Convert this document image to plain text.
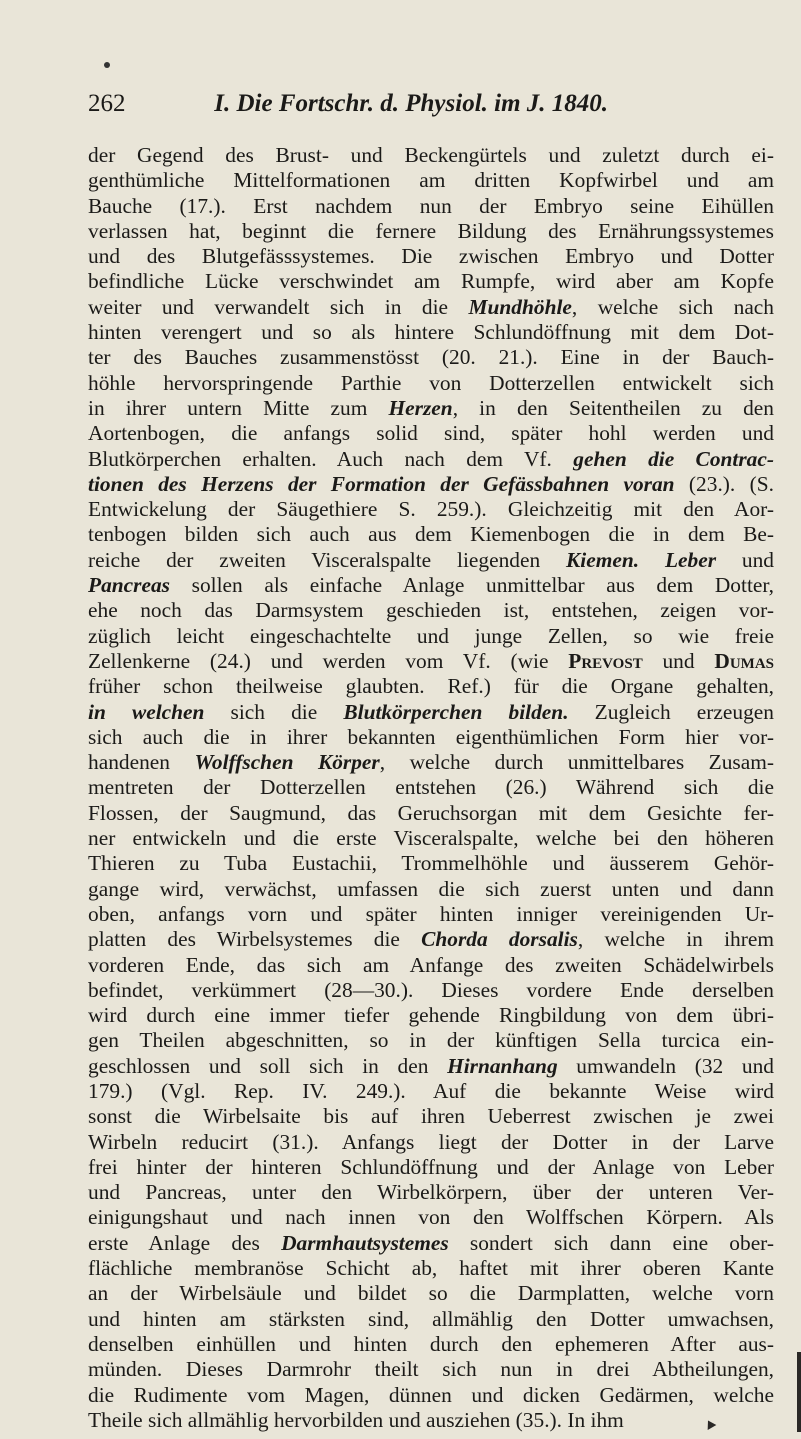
262	I. Die Fortschr. d. Physiol. im J. 1840.
der Gegend des Brust- und Beckengürtels und zuletzt durch ei-
genthümliche Mittelformationen am dritten Kopfwirbel und am
Bauche (17.). Erst nachdem nun der Embryo seine Eihüllen
verlassen hat, beginnt die fernere Bildung des Ernährungssystemes
und des Blutgefässsystemes. Die zwischen Embryo und Dotter
befindliche Lücke verschwindet am Rumpfe, wird aber am Kopfe
weiter und verwandelt sich in die Mundhöhle, welche sich nach
hinten verengert und so als hintere Schlundöffnung mit dem Dot-
ter des Bauches zusammenstösst (20. 21.). Eine in der Bauch-
höhle hervorspringende Parthie von Dotterzellen entwickelt sich
in ihrer untern Mitte zum Herzen, in den Seitentheilen zu den
Aortenbogen, die anfangs solid sind, später hohl werden und
Blutkörperchen erhalten. Auch nach dem Vf. gehen die Contrac-
tionen des Herzens der Formation der Gefässbahnen voran (23.). (S.
Entwickelung der Säugethiere S. 259.). Gleichzeitig mit den Aor-
tenbogen bilden sich auch aus dem Kiemenbogen die in dem Be-
reiche der zweiten Visceralspalte liegenden Kiemen. Leber und
Pancreas sollen als einfache Anlage unmittelbar aus dem Dotter,
ehe noch das Darmsystem geschieden ist, entstehen, zeigen vor-
züglich leicht eingeschachtelte und junge Zellen, so wie freie
Zellenkerne (24.) und werden vom Vf. (wie Prevost und Dumas
früher schon theilweise glaubten. Ref.) für die Organe gehalten,
in welchen sich die Blutkörperchen bilden. Zugleich erzeugen
sich auch die in ihrer bekannten eigenthümlichen Form hier vor-
handenen Wolffschen Körper, welche durch unmittelbares Zusam-
mentreten der Dotterzellen entstehen (26.) Während sich die
Flossen, der Saugmund, das Geruchsorgan mit dem Gesichte fer-
ner entwickeln und die erste Visceralspalte, welche bei den höheren
Thieren zu Tuba Eustachii, Trommelhöhle und äusserem Gehör-
gange wird, verwächst, umfassen die sich zuerst unten und dann
oben, anfangs vorn und später hinten inniger vereinigenden Ur-
platten des Wirbelsystemes die Chorda dorsalis, welche in ihrem
vorderen Ende, das sich am Anfange des zweiten Schädelwirbels
befindet, verkümmert (28—30.). Dieses vordere Ende derselben
wird durch eine immer tiefer gehende Ringbildung von dem übri-
gen Theilen abgeschnitten, so in der künftigen Sella turcica ein-
geschlossen und soll sich in den Hirnanhang umwandeln (32 und
179.) (Vgl. Rep. IV. 249.). Auf die bekannte Weise wird
sonst die Wirbelsaite bis auf ihren Ueberrest zwischen je zwei
Wirbeln reducirt (31.). Anfangs liegt der Dotter in der Larve
frei hinter der hinteren Schlundöffnung und der Anlage von Leber
und Pancreas, unter den Wirbelkörpern, über der unteren Ver-
einigungshaut und nach innen von den Wolffschen Körpern. Als
erste Anlage des Darmhautsystemes sondert sich dann eine ober-
flächliche membranöse Schicht ab, haftet mit ihrer oberen Kante
an der Wirbelsäule und bildet so die Darmplatten, welche vorn
und hinten am stärksten sind, allmählig den Dotter umwachsen,
denselben einhüllen und hinten durch den ephemeren After aus-
münden. Dieses Darmrohr theilt sich nun in drei Abtheilungen,
die Rudimente vom Magen, dünnen und dicken Gedärmen, welche
Theile sich allmählig hervorbilden und ausziehen (35.). In ihm
